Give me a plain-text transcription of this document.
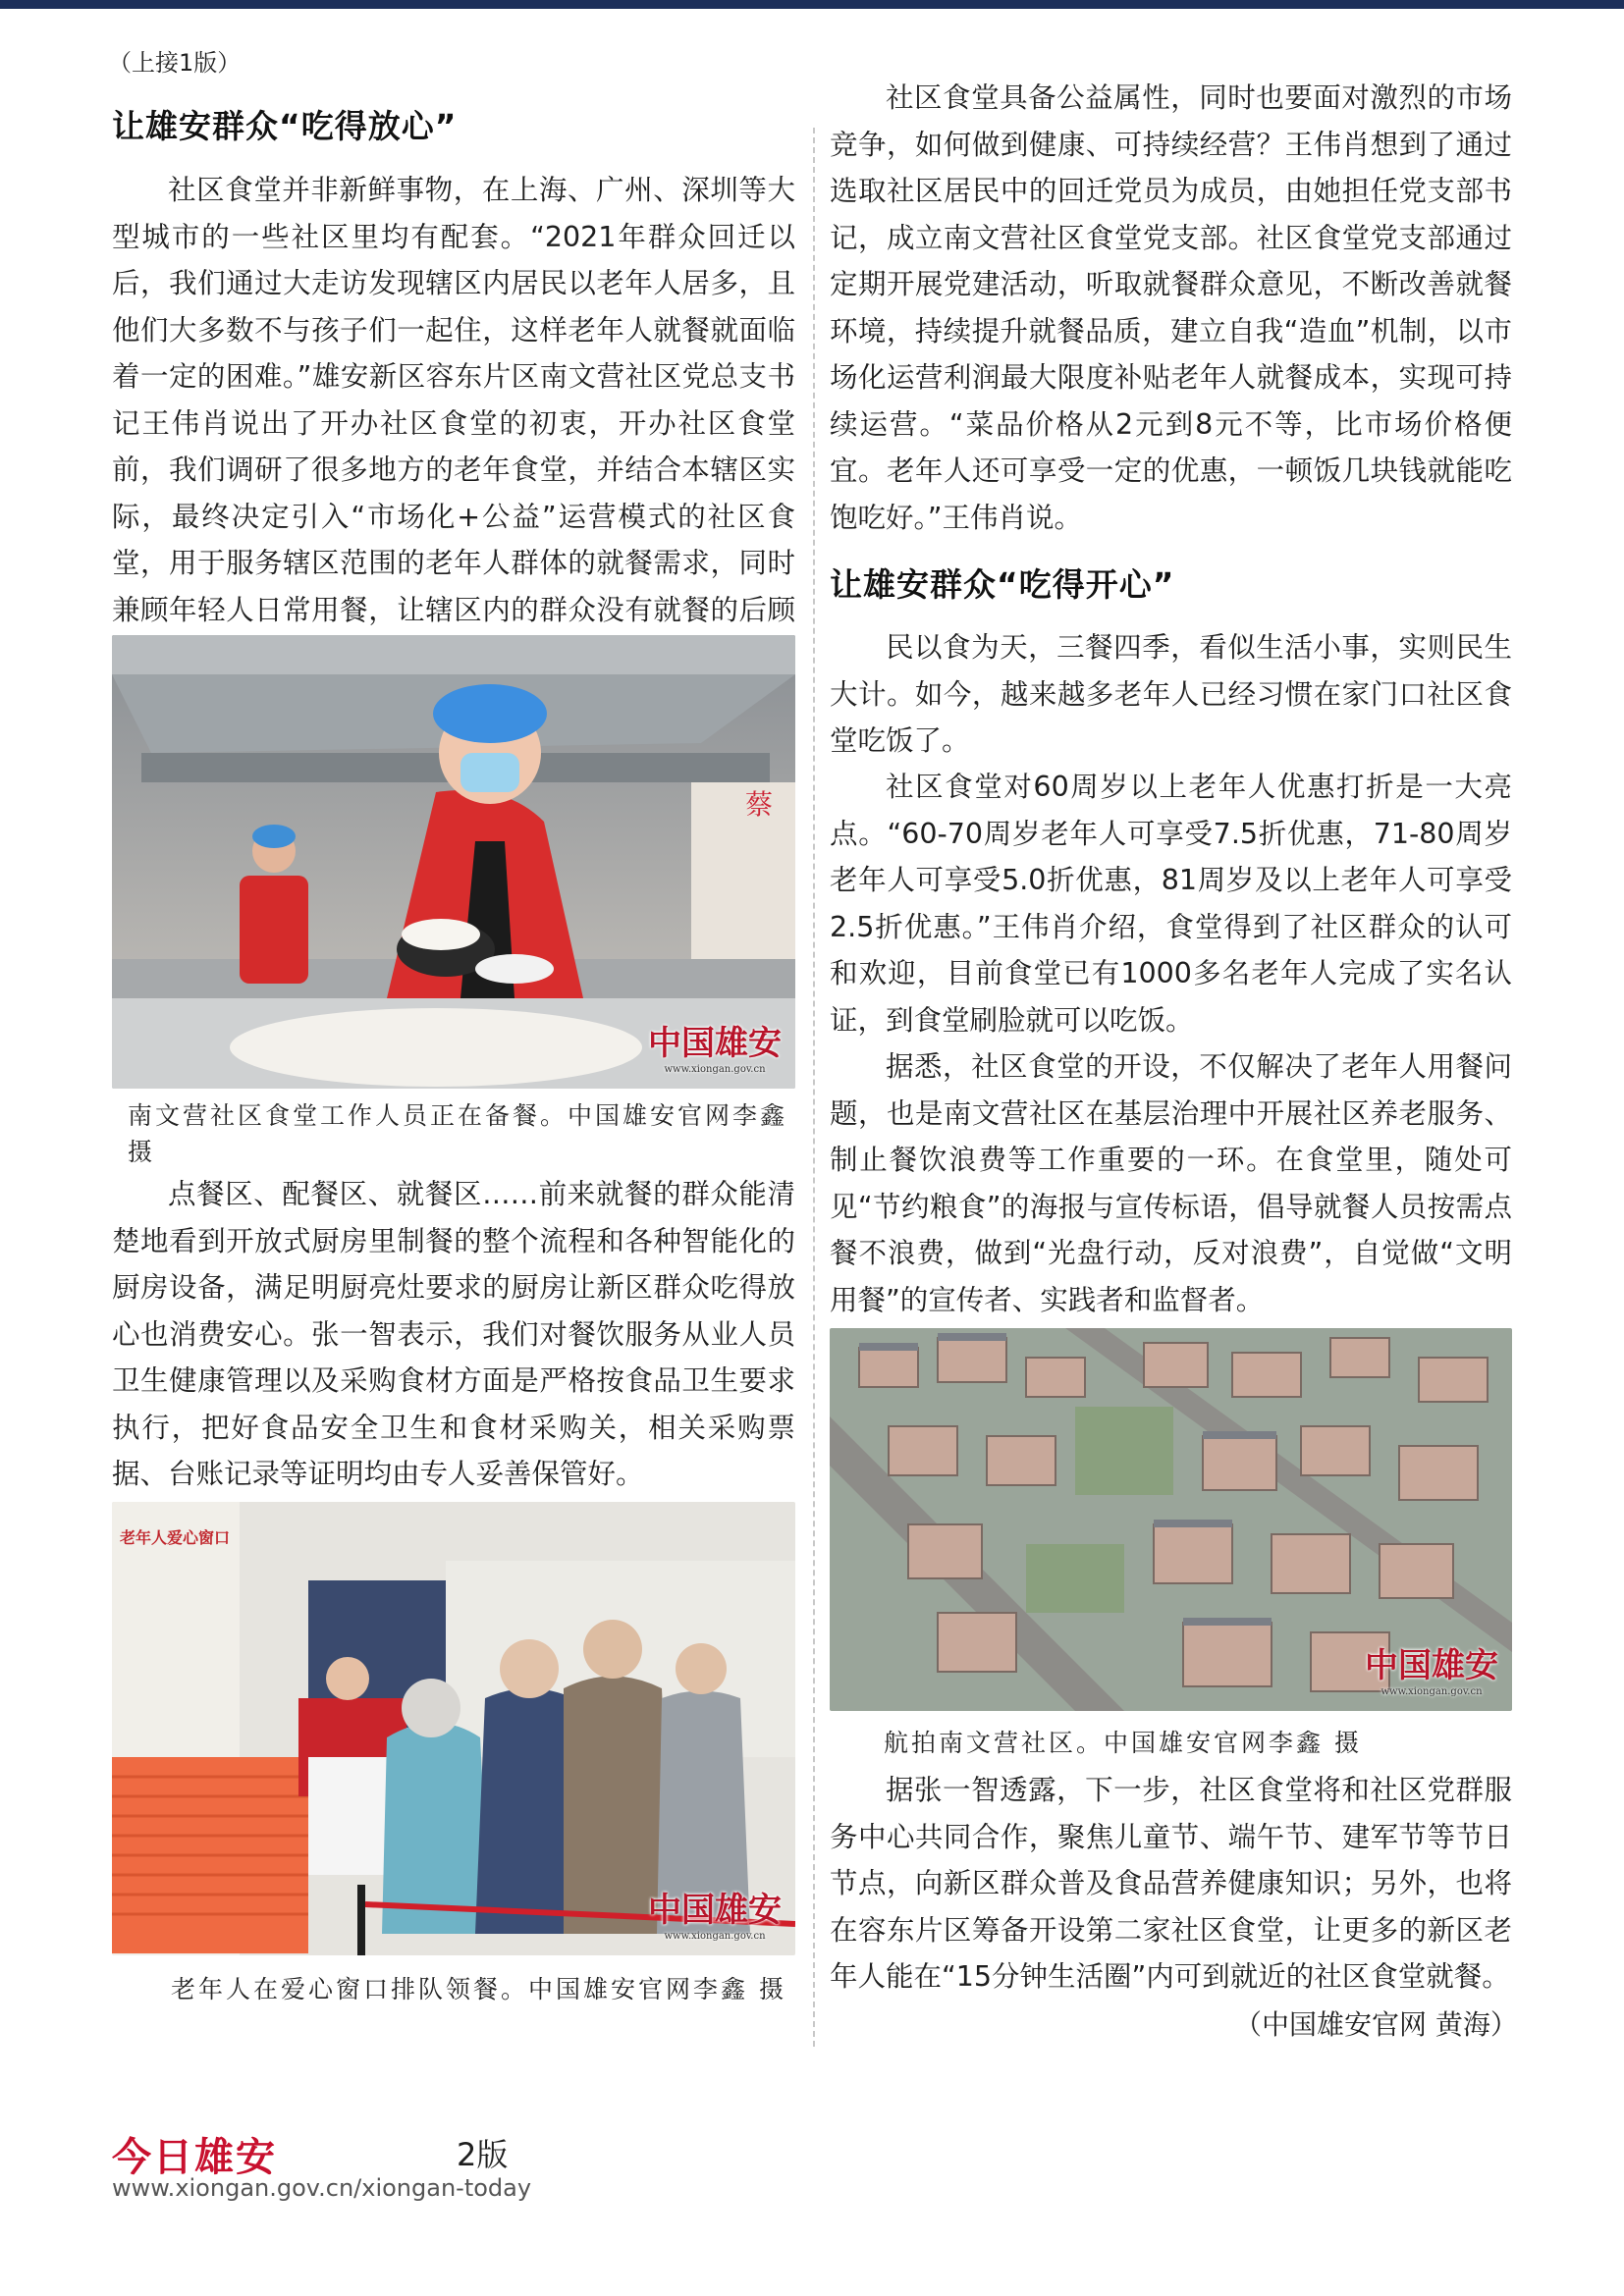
（上接1版）
让雄安群众“吃得放心”

社区食堂并非新鲜事物，在上海、广州、深圳等大型城市的一些社区里均有配套。“2021年群众回迁以后，我们通过大走访发现辖区内居民以老年人居多，且他们大多数不与孩子们一起住，这样老年人就餐就面临着一定的困难。”雄安新区容东片区南文营社区党总支书记王伟肖说出了开办社区食堂的初衷，开办社区食堂前，我们调研了很多地方的老年食堂，并结合本辖区实际，最终决定引入“市场化+公益”运营模式的社区食堂，用于服务辖区范围的老年人群体的就餐需求，同时兼顾年轻人日常用餐，让辖区内的群众没有就餐的后顾

蔡
中国雄安
www.xiongan.gov.cn
南文营社区食堂工作人员正在备餐。中国雄安官网李鑫 摄

点餐区、配餐区、就餐区……前来就餐的群众能清楚地看到开放式厨房里制餐的整个流程和各种智能化的厨房设备，满足明厨亮灶要求的厨房让新区群众吃得放心也消费安心。张一智表示，我们对餐饮服务从业人员卫生健康管理以及采购食材方面是严格按食品卫生要求执行，把好食品安全卫生和食材采购关，相关采购票据、台账记录等证明均由专人妥善保管好。

老年人爱心窗口
中国雄安
www.xiongan.gov.cn
老年人在爱心窗口排队领餐。中国雄安官网李鑫 摄

社区食堂具备公益属性，同时也要面对激烈的市场竞争，如何做到健康、可持续经营？王伟肖想到了通过选取社区居民中的回迁党员为成员，由她担任党支部书记，成立南文营社区食堂党支部。社区食堂党支部通过定期开展党建活动，听取就餐群众意见，不断改善就餐环境，持续提升就餐品质，建立自我“造血”机制，以市场化运营利润最大限度补贴老年人就餐成本，实现可持续运营。“菜品价格从2元到8元不等，比市场价格便宜。老年人还可享受一定的优惠，一顿饭几块钱就能吃饱吃好。”王伟肖说。

让雄安群众“吃得开心”

民以食为天，三餐四季，看似生活小事，实则民生大计。如今，越来越多老年人已经习惯在家门口社区食堂吃饭了。

社区食堂对60周岁以上老年人优惠打折是一大亮点。“60-70周岁老年人可享受7.5折优惠，71-80周岁老年人可享受5.0折优惠，81周岁及以上老年人可享受2.5折优惠。”王伟肖介绍，食堂得到了社区群众的认可和欢迎，目前食堂已有1000多名老年人完成了实名认证，到食堂刷脸就可以吃饭。

据悉，社区食堂的开设，不仅解决了老年人用餐问题，也是南文营社区在基层治理中开展社区养老服务、制止餐饮浪费等工作重要的一环。在食堂里，随处可见“节约粮食”的海报与宣传标语，倡导就餐人员按需点餐不浪费，做到“光盘行动，反对浪费”，自觉做“文明用餐”的宣传者、实践者和监督者。

中国雄安
www.xiongan.gov.cn
航拍南文营社区。中国雄安官网李鑫 摄

据张一智透露，下一步，社区食堂将和社区党群服务中心共同合作，聚焦儿童节、端午节、建军节等节日节点，向新区群众普及食品营养健康知识；另外，也将在容东片区筹备开设第二家社区食堂，让更多的新区老年人能在“15分钟生活圈”内可到就近的社区食堂就餐。

（中国雄安官网 黄海）
今日雄安	2版
www.xiongan.gov.cn/xiongan-today
